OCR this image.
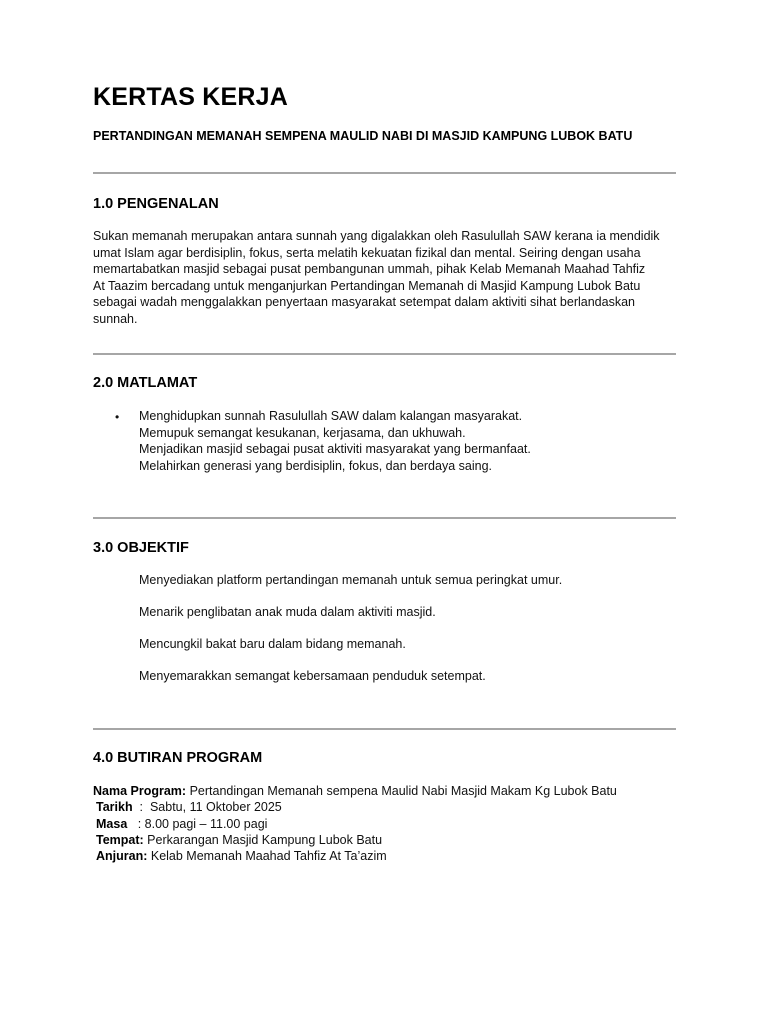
KERTAS KERJA
PERTANDINGAN MEMANAH SEMPENA MAULID NABI DI MASJID KAMPUNG LUBOK BATU
1.0 PENGENALAN
Sukan memanah merupakan antara sunnah yang digalakkan oleh Rasulullah SAW kerana ia mendidik
umat Islam agar berdisiplin, fokus, serta melatih kekuatan fizikal dan mental. Seiring dengan usaha
memartabatkan masjid sebagai pusat pembangunan ummah, pihak Kelab Memanah Maahad Tahfiz
At Taazim bercadang untuk menganjurkan Pertandingan Memanah di Masjid Kampung Lubok Batu
sebagai wadah menggalakkan penyertaan masyarakat setempat dalam aktiviti sihat berlandaskan
sunnah.
2.0 MATLAMAT
• Menghidupkan sunnah Rasulullah SAW dalam kalangan masyarakat.
Memupuk semangat kesukanan, kerjasama, dan ukhuwah.
Menjadikan masjid sebagai pusat aktiviti masyarakat yang bermanfaat.
Melahirkan generasi yang berdisiplin, fokus, dan berdaya saing.
3.0 OBJEKTIF
Menyediakan platform pertandingan memanah untuk semua peringkat umur.
Menarik penglibatan anak muda dalam aktiviti masjid.
Mencungkil bakat baru dalam bidang memanah.
Menyemarakkan semangat kebersamaan penduduk setempat.
4.0 BUTIRAN PROGRAM
Nama Program: Pertandingan Memanah sempena Maulid Nabi Masjid Makam Kg Lubok Batu
Tarikh  :  Sabtu, 11 Oktober 2025
Masa   : 8.00 pagi – 11.00 pagi
Tempat: Perkarangan Masjid Kampung Lubok Batu
Anjuran: Kelab Memanah Maahad Tahfiz At Ta’azim
